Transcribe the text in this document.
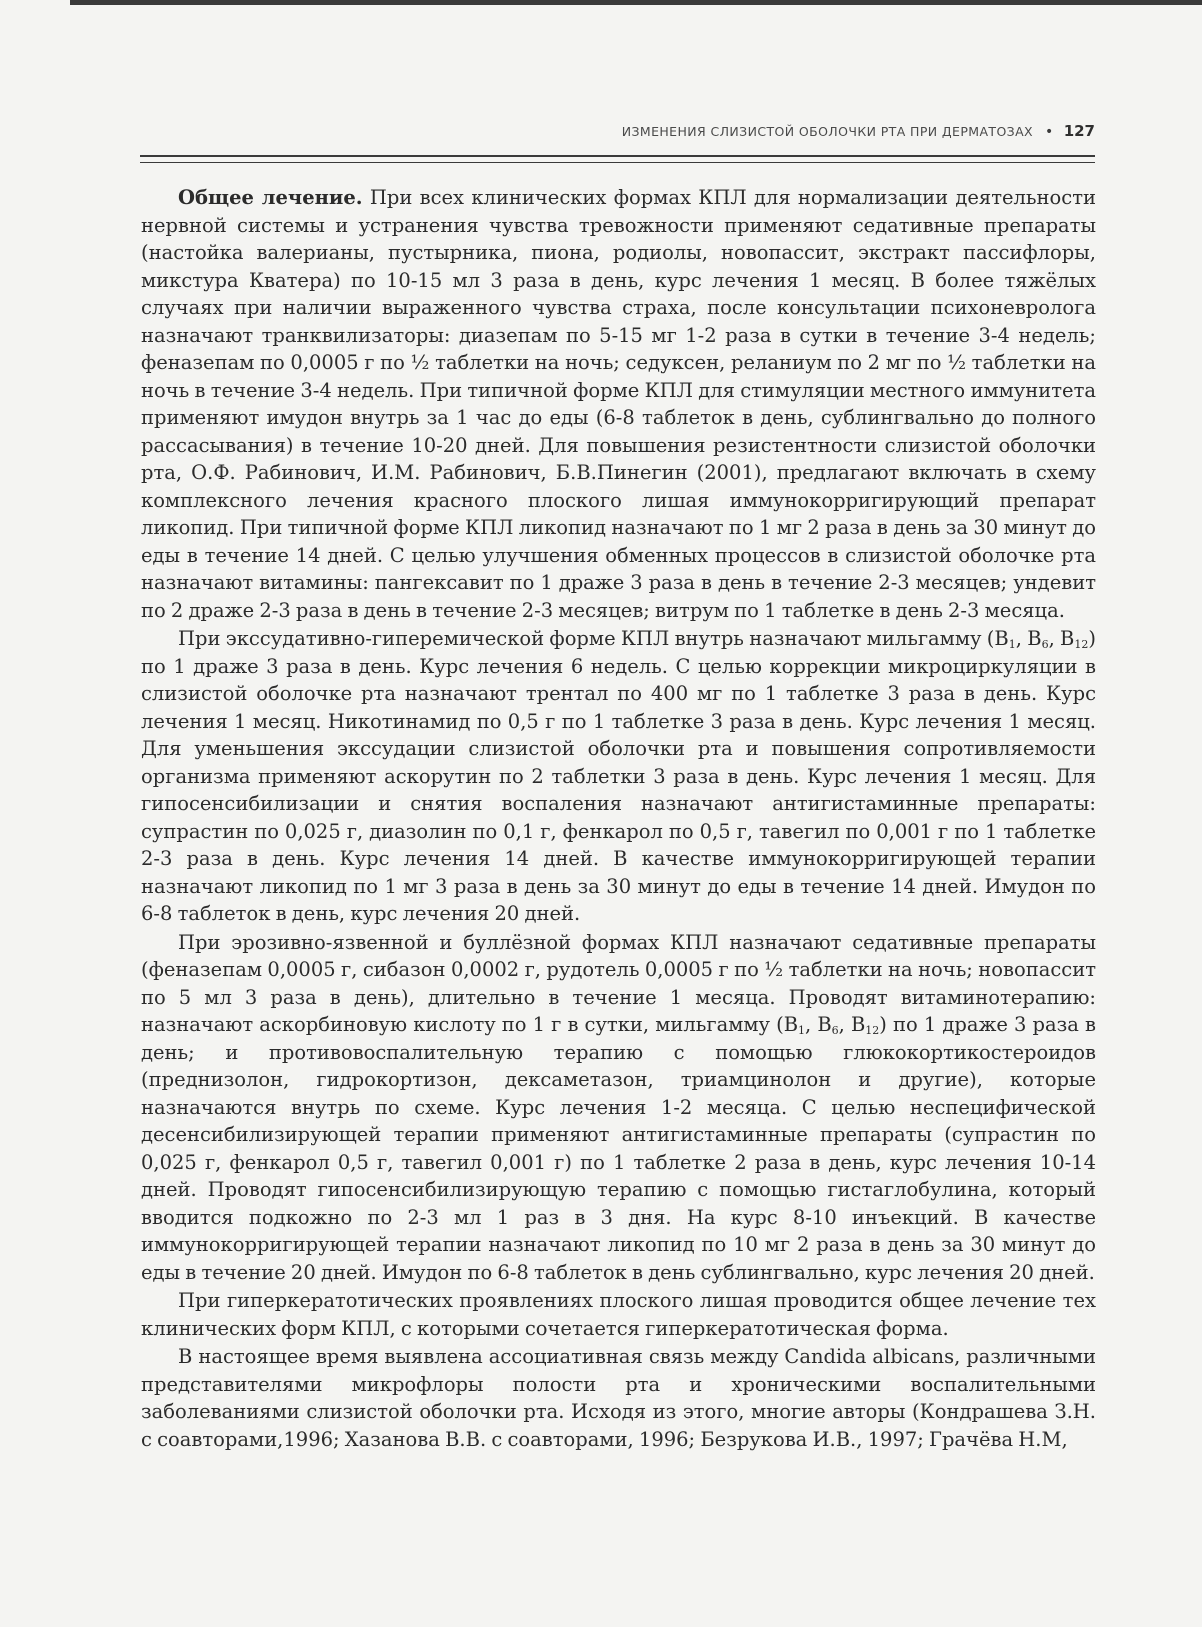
ИЗМЕНЕНИЯ СЛИЗИСТОЙ ОБОЛОЧКИ РТА ПРИ ДЕРМАТОЗАХ • 127

Общее лечение. При всех клинических формах КПЛ для нормализации деятельности нервной системы и устранения чувства тревожности применяют седативные препараты (настойка валерианы, пустырника, пиона, родиолы, новопассит, экстракт пассифлоры, микстура Кватера) по 10-15 мл 3 раза в день, курс лечения 1 месяц. В более тяжёлых случаях при наличии выраженного чувства страха, после консультации психоневролога назначают транквилизаторы: диазепам по 5-15 мг 1-2 раза в сутки в течение 3-4 недель; феназепам по 0,0005 г по ½ таблетки на ночь; седуксен, реланиум по 2 мг по ½ таблетки на ночь в течение 3-4 недель. При типичной форме КПЛ для стимуляции местного иммунитета применяют имудон внутрь за 1 час до еды (6-8 таблеток в день, сублингвально до полного рассасывания) в течение 10-20 дней. Для повышения резистентности слизистой оболочки рта, О.Ф. Рабинович, И.М. Рабинович, Б.В.Пинегин (2001), предлагают включать в схему комплексного лечения красного плоского лишая иммунокорригирующий препарат ликопид. При типичной форме КПЛ ликопид назначают по 1 мг 2 раза в день за 30 минут до еды в течение 14 дней. С целью улучшения обменных процессов в слизистой оболочке рта назначают витамины: пангексавит по 1 драже 3 раза в день в течение 2-3 месяцев; ундевит по 2 драже 2-3 раза в день в течение 2-3 месяцев; витрум по 1 таблетке в день 2-3 месяца.

При экссудативно-гиперемической форме КПЛ внутрь назначают мильгамму ($В_1$, $В_6$, $В_{12}$) по 1 драже 3 раза в день. Курс лечения 6 недель. С целью коррекции микроциркуляции в слизистой оболочке рта назначают трентал по 400 мг по 1 таблетке 3 раза в день. Курс лечения 1 месяц. Никотинамид по 0,5 г по 1 таблетке 3 раза в день. Курс лечения 1 месяц. Для уменьшения экссудации слизистой оболочки рта и повышения сопротивляемости организма применяют аскорутин по 2 таблетки 3 раза в день. Курс лечения 1 месяц. Для гипосенсибилизации и снятия воспаления назначают антигистаминные препараты: супрастин по 0,025 г, диазолин по 0,1 г, фенкарол по 0,5 г, тавегил по 0,001 г по 1 таблетке 2-3 раза в день. Курс лечения 14 дней. В качестве иммунокорригирующей терапии назначают ликопид по 1 мг 3 раза в день за 30 минут до еды в течение 14 дней. Имудон по 6-8 таблеток в день, курс лечения 20 дней.

При эрозивно-язвенной и буллёзной формах КПЛ назначают седативные препараты (феназепам 0,0005 г, сибазон 0,0002 г, рудотель 0,0005 г по ½ таблетки на ночь; новопассит по 5 мл 3 раза в день), длительно в течение 1 месяца. Проводят витаминотерапию: назначают аскорбиновую кислоту по 1 г в сутки, мильгамму ($В_1$, $В_6$, $В_{12}$) по 1 драже 3 раза в день; и противовоспалительную терапию с помощью глюкокортикостероидов (преднизолон, гидрокортизон, дексаметазон, триамцинолон и другие), которые назначаются внутрь по схеме. Курс лечения 1-2 месяца. С целью неспецифической десенсибилизирующей терапии применяют антигистаминные препараты (супрастин по 0,025 г, фенкарол 0,5 г, тавегил 0,001 г) по 1 таблетке 2 раза в день, курс лечения 10-14 дней. Проводят гипосенсибилизирующую терапию с помощью гистаглобулина, который вводится подкожно по 2-3 мл 1 раз в 3 дня. На курс 8-10 инъекций. В качестве иммунокорригирующей терапии назначают ликопид по 10 мг 2 раза в день за 30 минут до еды в течение 20 дней. Имудон по 6-8 таблеток в день сублингвально, курс лечения 20 дней.

При гиперкератотических проявлениях плоского лишая проводится общее лечение тех клинических форм КПЛ, с которыми сочетается гиперкератотическая форма.

В настоящее время выявлена ассоциативная связь между Candida albicans, различными представителями микрофлоры полости рта и хроническими воспалительными заболеваниями слизистой оболочки рта. Исходя из этого, многие авторы (Кондрашева З.Н. с соавторами,1996; Хазанова В.В. с соавторами, 1996; Безрукова И.В., 1997; Грачёва Н.М,
